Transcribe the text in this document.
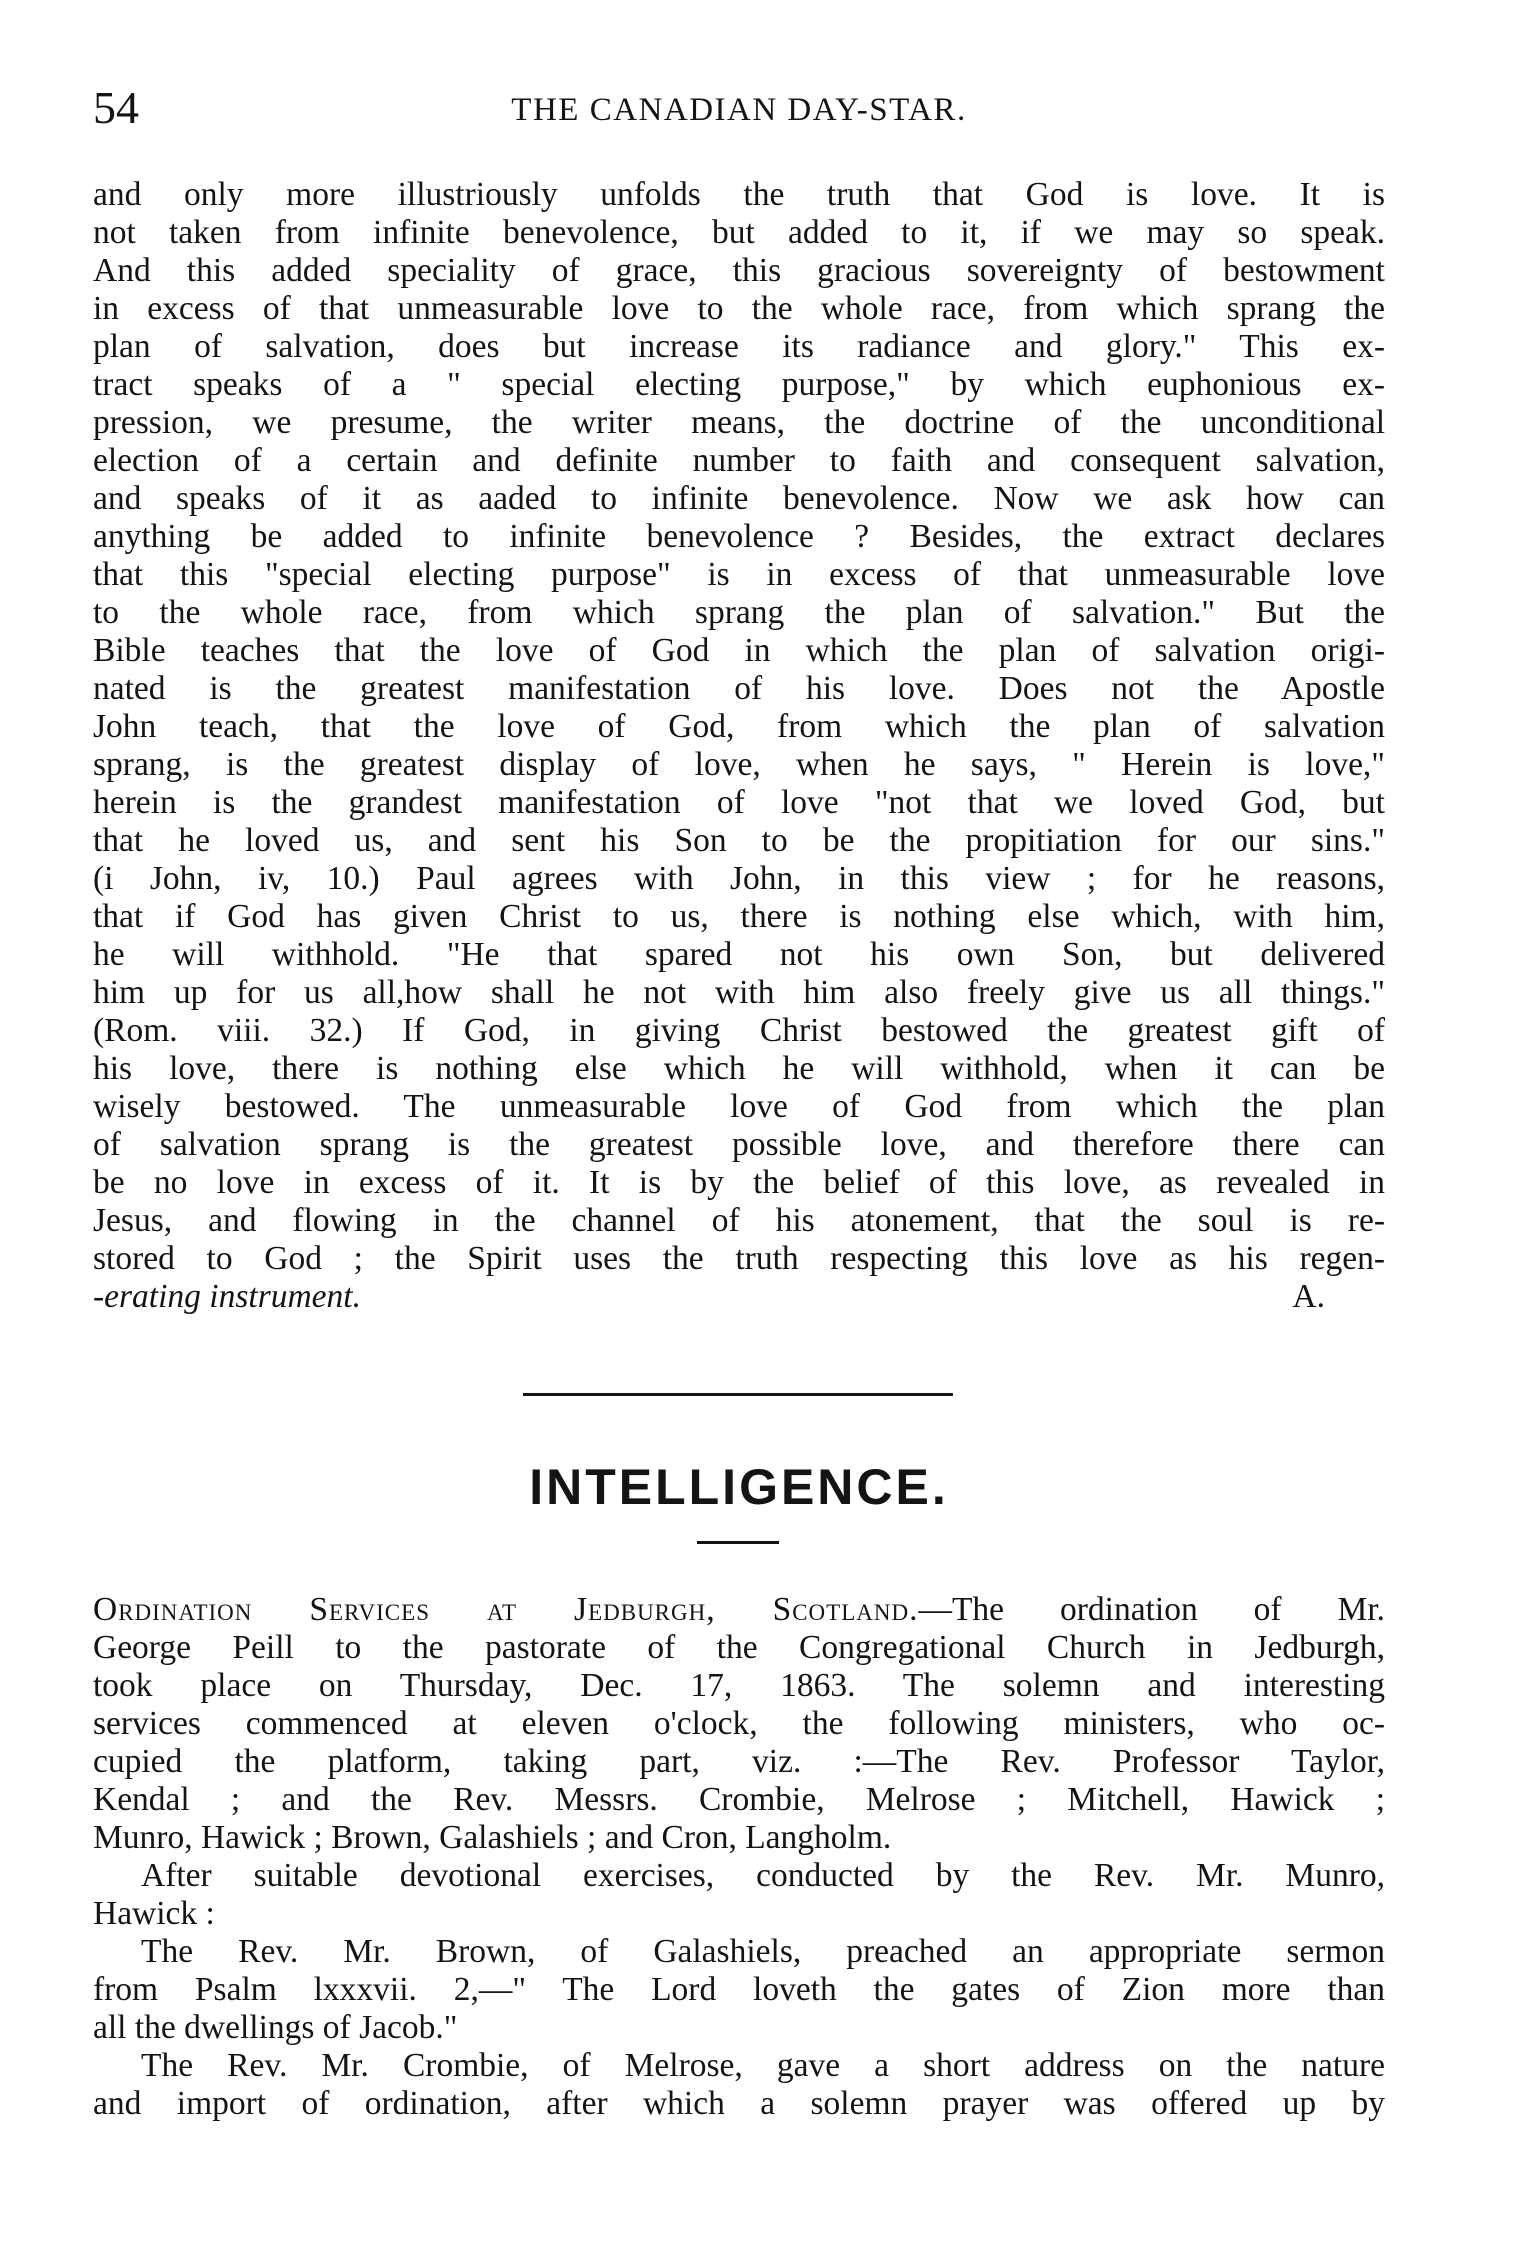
54	THE CANADIAN DAY-STAR.
and only more illustriously unfolds the truth that God is love. It is
not taken from infinite benevolence, but added to it, if we may so speak.
And this added speciality of grace, this gracious sovereignty of bestowment
in excess of that unmeasurable love to the whole race, from which sprang the
plan of salvation, does but increase its radiance and glory." This ex-
tract speaks of a " special electing purpose," by which euphonious ex-
pression, we presume, the writer means, the doctrine of the unconditional
election of a certain and definite number to faith and consequent salvation,
and speaks of it as aaded to infinite benevolence. Now we ask how can
anything be added to infinite benevolence ? Besides, the extract declares
that this "special electing purpose" is in excess of that unmeasurable love
to the whole race, from which sprang the plan of salvation." But the
Bible teaches that the love of God in which the plan of salvation origi-
nated is the greatest manifestation of his love. Does not the Apostle
John teach, that the love of God, from which the plan of salvation
sprang, is the greatest display of love, when he says, " Herein is love,"
herein is the grandest manifestation of love "not that we loved God, but
that he loved us, and sent his Son to be the propitiation for our sins."
(i John, iv, 10.) Paul agrees with John, in this view ; for he reasons,
that if God has given Christ to us, there is nothing else which, with him,
he will withhold. "He that spared not his own Son, but delivered
him up for us all,how shall he not with him also freely give us all things."
(Rom. viii. 32.) If God, in giving Christ bestowed the greatest gift of
his love, there is nothing else which he will withhold, when it can be
wisely bestowed. The unmeasurable love of God from which the plan
of salvation sprang is the greatest possible love, and therefore there can
be no love in excess of it. It is by the belief of this love, as revealed in
Jesus, and flowing in the channel of his atonement, that the soul is re-
stored to God ; the Spirit uses the truth respecting this love as his regen-
-erating instrument.	A.
INTELLIGENCE.
Ordination Services at Jedburgh, Scotland.—The ordination of Mr.
George Peill to the pastorate of the Congregational Church in Jedburgh,
took place on Thursday, Dec. 17, 1863. The solemn and interesting
services commenced at eleven o'clock, the following ministers, who oc-
cupied the platform, taking part, viz. :—The Rev. Professor Taylor,
Kendal ; and the Rev. Messrs. Crombie, Melrose ; Mitchell, Hawick ;
Munro, Hawick ; Brown, Galashiels ; and Cron, Langholm.
After suitable devotional exercises, conducted by the Rev. Mr. Munro,
Hawick :
The Rev. Mr. Brown, of Galashiels, preached an appropriate sermon
from Psalm lxxxvii. 2,—" The Lord loveth the gates of Zion more than
all the dwellings of Jacob."
The Rev. Mr. Crombie, of Melrose, gave a short address on the nature
and import of ordination, after which a solemn prayer was offered up by
